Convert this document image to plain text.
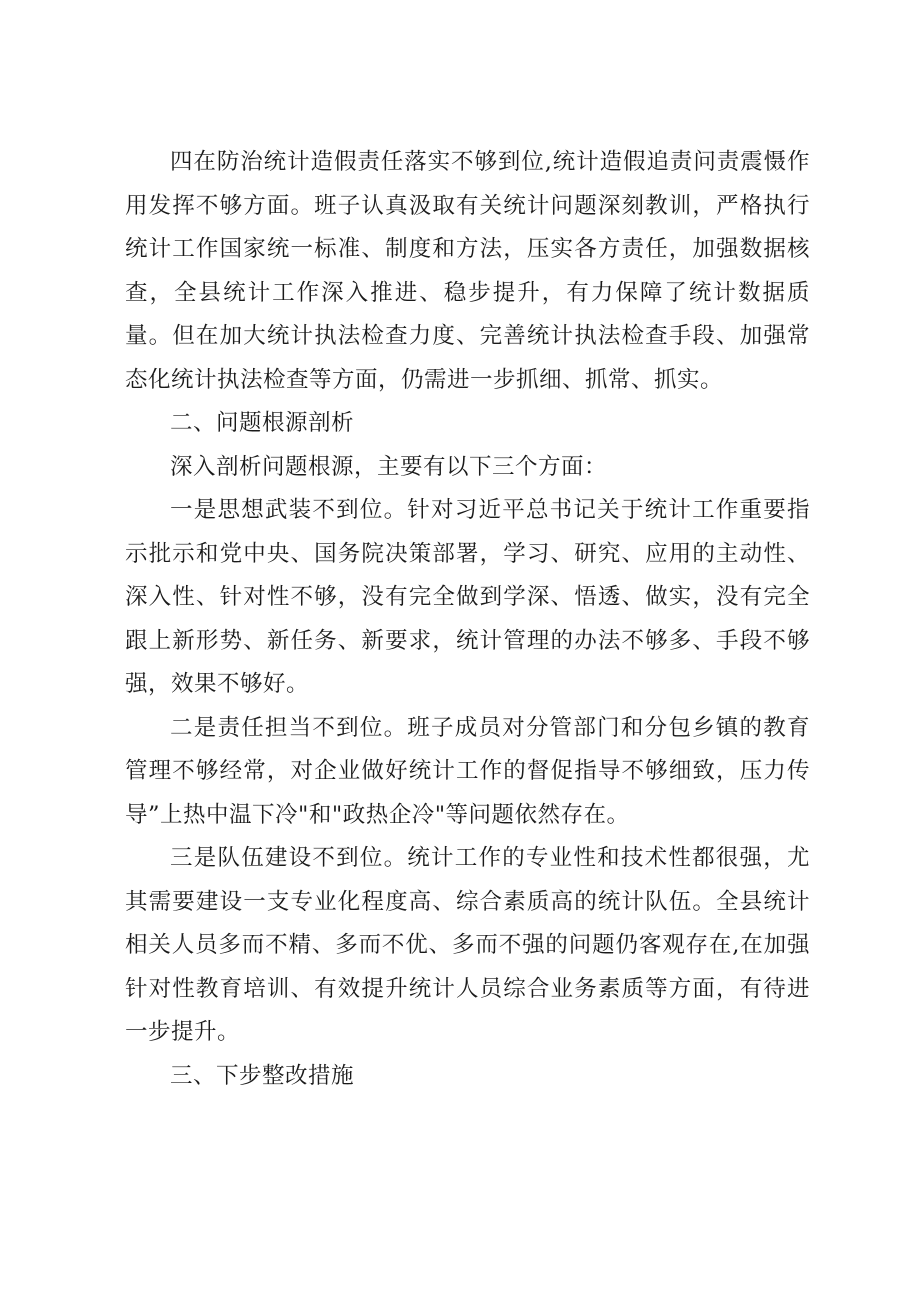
四在防治统计造假责任落实不够到位,统计造假追责问责震慑作用发挥不够方面。班子认真汲取有关统计问题深刻教训，严格执行统计工作国家统一标准、制度和方法，压实各方责任，加强数据核查，全县统计工作深入推进、稳步提升，有力保障了统计数据质量。但在加大统计执法检查力度、完善统计执法检查手段、加强常态化统计执法检查等方面，仍需进一步抓细、抓常、抓实。

二、问题根源剖析

深入剖析问题根源，主要有以下三个方面：

一是思想武装不到位。针对习近平总书记关于统计工作重要指示批示和党中央、国务院决策部署，学习、研究、应用的主动性、深入性、针对性不够，没有完全做到学深、悟透、做实，没有完全跟上新形势、新任务、新要求，统计管理的办法不够多、手段不够强，效果不够好。

二是责任担当不到位。班子成员对分管部门和分包乡镇的教育管理不够经常，对企业做好统计工作的督促指导不够细致，压力传导”上热中温下冷"和"政热企冷"等问题依然存在。

三是队伍建设不到位。统计工作的专业性和技术性都很强，尤其需要建设一支专业化程度高、综合素质高的统计队伍。全县统计相关人员多而不精、多而不优、多而不强的问题仍客观存在,在加强针对性教育培训、有效提升统计人员综合业务素质等方面，有待进一步提升。

三、下步整改措施
